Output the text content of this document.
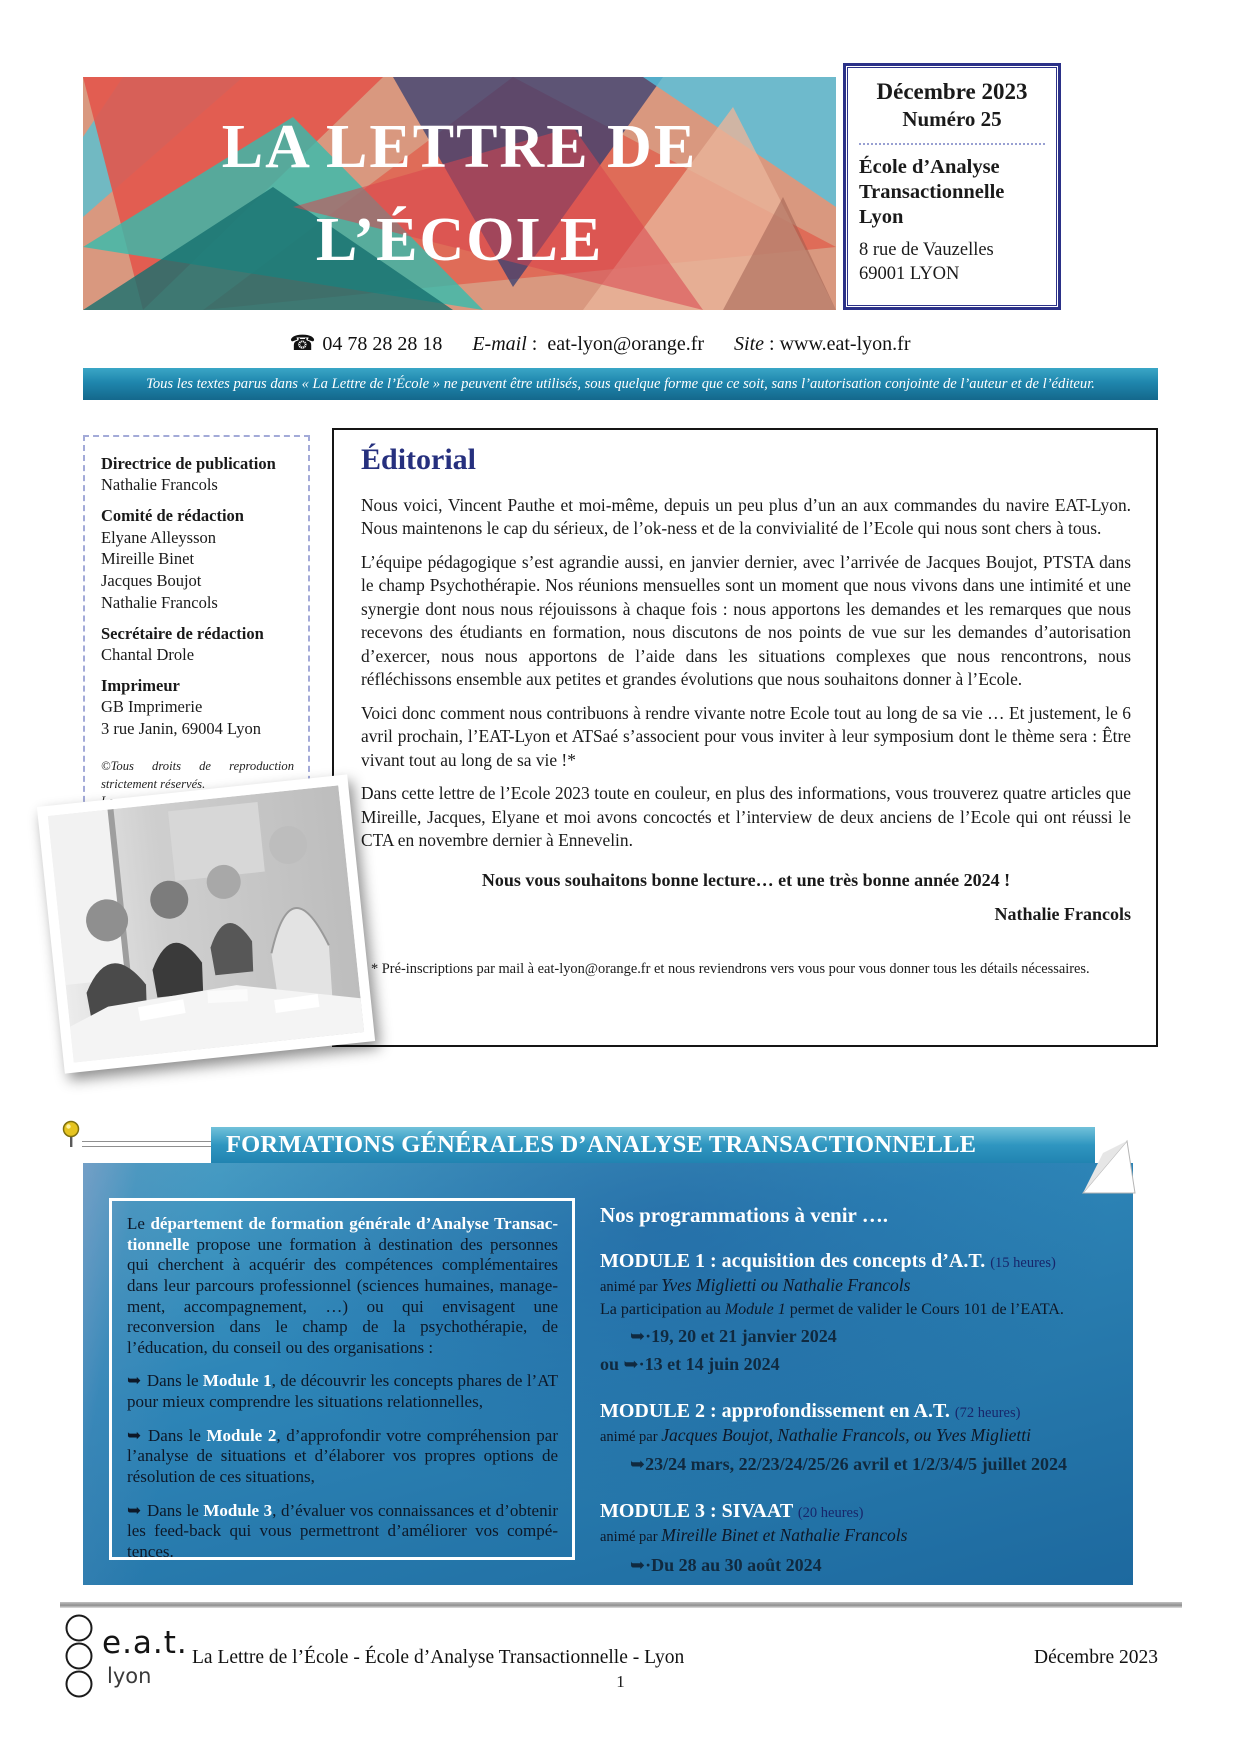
LA LETTRE DE
L’ÉCOLE
Décembre 2023
Numéro 25
École d’Analyse Transactionnelle Lyon
8 rue de Vauzelles
69001 LYON
☎ 04 78 28 28 18 E-mail :  eat-lyon@orange.fr Site : www.eat-lyon.fr
Tous les textes parus dans « La Lettre de l’École » ne peuvent être utilisés, sous quelque forme que ce soit, sans l’autorisation conjointe de l’auteur et de l’éditeur.
Directrice de publication
Nathalie Francols
Comité de rédaction
Elyane Alleysson
Mireille Binet
Jacques Boujot
Nathalie Francols
Secrétaire de rédaction
Chantal Drole
Imprimeur
GB Imprimerie
3 rue Janin, 69004 Lyon
©Tous droits de reproduction strictement réservés.
Éditorial

Nous voici, Vincent Pauthe et moi-même, depuis un peu plus d’un an aux commandes du navire EAT-Lyon. Nous maintenons le cap du sérieux, de l’ok-ness et de la convivialité de l’Ecole qui nous sont chers à tous.

L’équipe pédagogique s’est agrandie aussi, en janvier dernier, avec l’arrivée de Jacques Boujot, PTSTA dans le champ Psychothérapie. Nos réunions mensuelles sont un moment que nous vivons dans une intimité et une synergie dont nous nous réjouissons à chaque fois : nous apportons les demandes et les remarques que nous recevons des étudiants en formation, nous discutons de nos points de vue sur les demandes d’autorisation d’exercer, nous nous apportons de l’aide dans les situations complexes que nous rencontrons, nous réfléchissons ensemble aux petites et grandes évolutions que nous souhaitons donner à l’Ecole.

Voici donc comment nous contribuons à rendre vivante notre Ecole tout au long de sa vie … Et justement, le 6 avril prochain, l’EAT-Lyon et ATSaé s’associent pour vous inviter à leur symposium dont le thème sera : Être vivant tout au long de sa vie !*

Dans cette lettre de l’Ecole 2023 toute en couleur, en plus des informations, vous trouverez quatre articles que Mireille, Jacques, Elyane et moi avons concoctés et l’interview de deux anciens de l’Ecole qui ont réussi le CTA en novembre dernier à Ennevelin.

Nous vous souhaitons bonne lecture… et une très bonne année 2024 !

Nathalie Francols

* Pré-inscriptions par mail à eat-lyon@orange.fr et nous reviendrons vers vous pour vous donner tous les détails nécessaires.

FORMATIONS GÉNÉRALES D’ANALYSE TRANSACTIONNELLE

Le département de formation générale d’Analyse Transac-tionnelle propose une formation à destination des personnes qui cherchent à acquérir des compétences complémentaires dans leur parcours professionnel (sciences humaines, manage-ment, accompagnement, …) ou qui envisagent une reconversion dans le champ de la psychothérapie, de l’éducation, du conseil ou des organisations :

➥ Dans le Module 1, de découvrir les concepts phares de l’AT pour mieux comprendre les situations relationnelles,

➥ Dans le Module 2, d’approfondir votre compréhension par l’analyse de situations et d’élaborer vos propres options de résolution de ces situations,

➥ Dans le Module 3, d’évaluer vos connaissances et d’obtenir les feed-back qui vous permettront d’améliorer vos compé-tences.

Nos programmations à venir ….
MODULE 1 : acquisition des concepts d’A.T. (15 heures)
animé par Yves Miglietti ou Nathalie Francols
La participation au Module 1 permet de valider le Cours 101 de l’EATA.
➥·19, 20 et 21 janvier 2024
ou ➥·13 et 14 juin 2024
MODULE 2 : approfondissement en A.T. (72 heures)
animé par Jacques Boujot, Nathalie Francols, ou Yves Miglietti
➥23/24 mars, 22/23/24/25/26 avril et 1/2/3/4/5 juillet 2024
MODULE 3 : SIVAAT (20 heures)
animé par Mireille Binet et Nathalie Francols
➥·Du 28 au 30 août 2024
e.a.t.
lyon
La Lettre de l’École - École d’Analyse Transactionnelle - Lyon	Décembre 2023
1
